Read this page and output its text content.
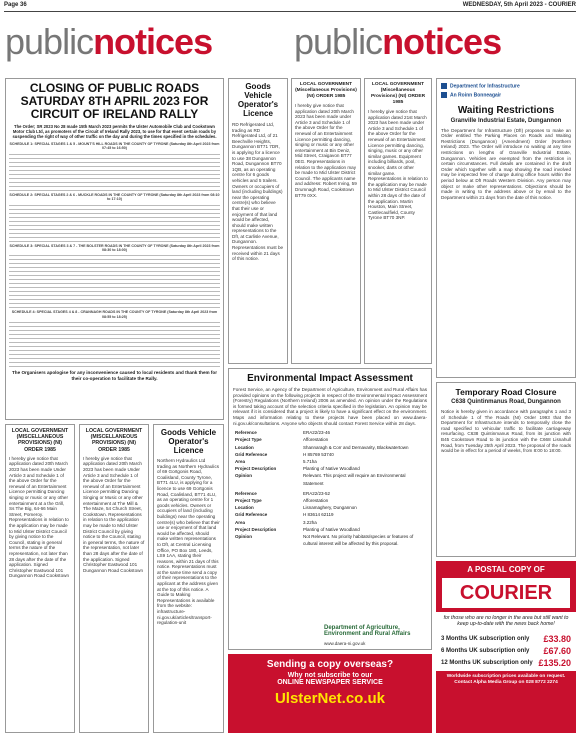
Page 36	WEDNESDAY, 5th April 2023 - COURIER
publicnotices publicnotices
CLOSING OF PUBLIC ROADS SATURDAY 8TH APRIL 2023 FOR CIRCUIT OF IRELAND RALLY
The Order; SR 2023 No 28 made 15th March 2023 permits the Ulster Automobile Club and Cookstown Motor Club Ltd, as promoters of the Circuit of Ireland Rally 2023, to use for that event certain roads by suspending the right of way of other traffic on the day and during the times specified in the schedules.
SCHEDULE 1: SPECIAL STAGES 1 & 5 - MOUNT'S HILL ROADS IN THE COUNTY OF TYRONE (Saturday 8th April 2023 from 07:45 to 16:50)
SCHEDULE 2: SPECIAL STAGES 2 & 6 - MUCKLE ROADS IN THE COUNTY OF TYRONE (Saturday 8th April 2023 from 08:10 to 17:10)
SCHEDULE 3: SPECIAL STAGES 3 & 7 - THE BOLSTER ROADS IN THE COUNTY OF TYRONE (Saturday 8th April 2023 from 08:30 to 18:00)
SCHEDULE 4: SPECIAL STAGES 4 & 8 - CRANNAGH ROADS IN THE COUNTY OF TYRONE (Saturday 8th April 2023 from 08:55 to 18:25)
The Organisers apologise for any inconvenience caused to local residents and thank them for their co-operation to facilitate the Rally.
Goods Vehicle Operator's Licence
RD Refrigerated Ltd, trading as RD Refrigerated Ltd, of 21 Beechville Heights, Dungannon BT71 7DR, is applying for a licence to use 38 Dungannon Road, Dungannon BT70 1QB, as an operating centre for 6 goods vehicles and 5 trailers. Owners or occupiers of land (including buildings) near the operating centre(s) who believe that their use or enjoyment of that land would be affected, should make written representations to the DfI, at Carlisle Avenue, Dungannon. Representations must be received within 21 days of this notice.
LOCAL GOVERNMENT (Miscellaneous Provisions) (NI) ORDER 1985
I hereby give notice that application dated 20th March 2023 has been made under Article 3 and Schedule 1 of the above Order for the renewal of an Entertainment Licence permitting dancing, singing or music or any other entertainment at Bin Deniz, Mid Street, Craigavon BT77 0EG. Representations in relation to the application may be made to Mid Ulster District Council. The applicants name and address: Robert Irving, 59 Drumnagh Road, Cookstown BT79 0XX.
LOCAL GOVERNMENT (Miscellaneous Provisions) (NI) ORDER 1985
I hereby give notice that application dated 21st March 2023 has been made under Article 3 and Schedule 1 of the above Order for the renewal of an Entertainment Licence permitting dancing, singing, music or any other similar games. Equipment including billiards, pool, snooker, darts or other similar game. Representations in relation to the application may be made to Mid Ulster District Council within 28 days of the date of the application. Martin Houston, Main Street, Castlecaulfield, County Tyrone BT70 3NP.
Department for Infrastructure
An Roinn Bonneagair
Waiting Restrictions
Granville Industrial Estate, Dungannon
The Department for Infrastructure (DfI) proposes to make an Order entitled The Parking Places on Roads and Waiting Restrictions (Dungannon) (Amendment) Order (Northern Ireland) 2023. The Order will introduce no waiting at any time restrictions on lengths of Granville Industrial Estate, Dungannon. Vehicles are exempted from the restriction in certain circumstances. Full details are contained in the draft Order which together with a map showing the road involved may be inspected free of charge during office hours within the period below at DfI Roads Western Division. Any person may object or make other representations. Objections should be made in writing to the address above or by email to the Department within 21 days from the date of this notice.
Temporary Road Closure
C638 Quintinmanus Road, Dungannon
Notice is hereby given in accordance with paragraphs 1 and 3 of Schedule 1 of The Roads (NI) Order 1993 that the Department for Infrastructure intends to temporarily close the road specified to vehicular traffic to facilitate carriageway resurfacing. C638 Quintinmanus Road, from its junction with B45 Cookstown Road to its junction with the C668 Lisnahull Road, from Tuesday 25th April 2023. The proposal of the roads would be in effect for a period of weeks, from 8:00 to 18:00.
Environmental Impact Assessment
Forest Service, an Agency of the Department of Agriculture, Environment and Rural Affairs has provided opinions on the following projects in respect of the Environmental Impact Assessment (Forestry) Regulations (Northern Ireland) 2006 as amended. An opinion under the Regulations is formed taking account of the selection criteria specified in the legislation. An opinion may be relevant if it is considered that a project is likely to have a significant effect on the environment. Maps and information relating to these projects have been placed on www.daera-ni.gov.uk/consultations. Anyone who objects should contact Forest Service within 28 days.
Reference	ERA22/23-46
Project Type	Afforestation
Location	Shannaragh & Corr and Dernavarity, Blackwatertown
Grid Reference	H 85769 53740
Area	5.71ha
Project Description	Planting of Native Woodland
Opinion	Relevant. This project will require an Environmental Statement
Reference	ERA22/23-52
Project Type	Afforestation
Location	Lisnamaghery, Dungannon
Grid Reference	H 83614 62119
Area	3.22ha
Project Description	Planting of Native Woodland
Opinion	Not Relevant. No priority habitats/species or features of cultural interest will be affected by this proposal.
Department of Agriculture, Environment and Rural Affairs
www.daera-ni.gov.uk
Sending a copy overseas?
Why not subscribe to our
ONLINE NEWSPAPER SERVICE
UlsterNet.co.uk
LOCAL GOVERNMENT (MISCELLANEOUS PROVISIONS) (NI) ORDER 1985
I hereby give notice that application dated 20th March 2023 has been made Under Article 3 and Schedule 1 of the above Order for the renewal of an Entertainment Licence permitting Dancing singing or music or any other entertainment at a the Grill, Ss The Big, 64-66 Main Street, Pomeroy. Representations in relation to the application may be made to Mid Ulster District Council by giving notice to the Council, stating in general terms the nature of the representation, not later than 28 days after the date of the application. Signed Christopher Eastwood 101 Dungannon Road Cookstown
LOCAL GOVERNMENT (MISCELLANEOUS PROVISIONS) (NI) ORDER 1985
I hereby give notice that application dated 20th March 2023 has been made Under Article 3 and Schedule 1 of the above Order for the renewal of an Entertainment Licence permitting Dancing Singing or Music or any other entertainment at The Mill & The Maze, 54 Church Street, Cookstown. Representations in relation to the application may be made to Mid Ulster District Council by giving notice to the Council, stating in general terms, the nature of the representation, not later than 28 days after the date of the application. Signed Christopher Eastwood 101 Dungannon Road Cookstown
Goods Vehicle Operator's Licence
Northern Hydraulics Ltd trading as Northern Hydraulics of 69 Gortgonis Road, Coalisland, County Tyrone, BT71 4LU, is applying for a licence to use 69 Gortgonis Road, Coalisland, BT71 4LU, as an operating centre for 1 goods vehicles. Owners or occupiers of land (including buildings) near the operating centre(s) who believe that their use or enjoyment of that land would be affected, should make written representations to DfI, at Central Licensing Office, PO Box 180, Leeds, LS9 1AA, stating their reasons, within 21 days of this notice. Representations must at the same time send a copy of their representations to the applicant at the address given at the top of this notice. A Guide to Making Representations is available from the website: infrastructure-ni.gov.uk/articles/transport-regulation-unit
A POSTAL COPY OF
COURIER
for those who are no longer in the area but still want to keep up-to-date with the news back home!
3 Months UK subscription only £33.80
6 Months UK subscription only £67.60
12 Months UK subscription only £135.20
Worldwide subscription prices available on request. Contact Alpha Media Group on 028 8772 2274
